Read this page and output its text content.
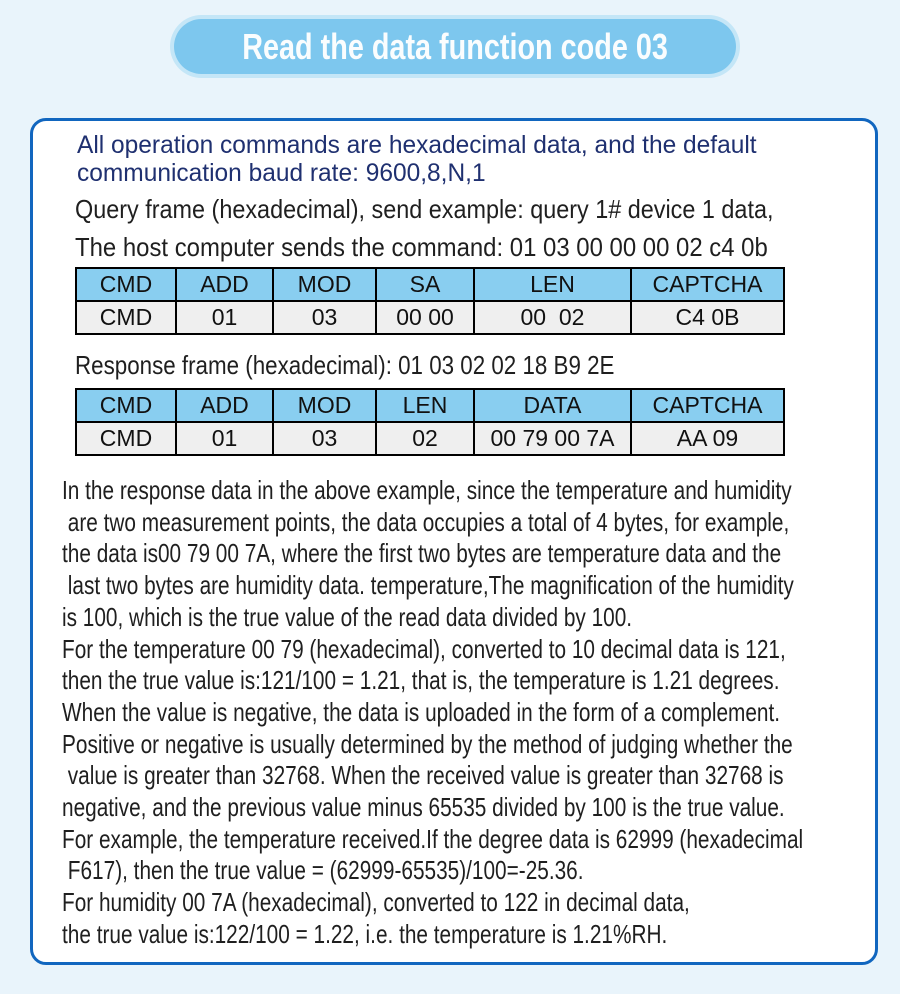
Read the data function code 03
All operation commands are hexadecimal data, and the default
communication baud rate: 9600,8,N,1
Query frame (hexadecimal), send example: query 1# device 1 data,
The host computer sends the command: 01 03 00 00 00 02 c4 0b
CMD	ADD	MOD	SA	LEN	CAPTCHA
CMD	01	03	00 00	00  02	C4 0B
Response frame (hexadecimal): 01 03 02 02 18 B9 2E
CMD	ADD	MOD	LEN	DATA	CAPTCHA
CMD	01	03	02	00 79 00 7A	AA 09
In the response data in the above example, since the temperature and humidity
are two measurement points, the data occupies a total of 4 bytes, for example,
the data is00 79 00 7A, where the first two bytes are temperature data and the
last two bytes are humidity data. temperature,The magnification of the humidity
is 100, which is the true value of the read data divided by 100.
For the temperature 00 79 (hexadecimal), converted to 10 decimal data is 121,
then the true value is:121/100 = 1.21, that is, the temperature is 1.21 degrees.
When the value is negative, the data is uploaded in the form of a complement.
Positive or negative is usually determined by the method of judging whether the
value is greater than 32768. When the received value is greater than 32768 is
negative, and the previous value minus 65535 divided by 100 is the true value.
For example, the temperature received.If the degree data is 62999 (hexadecimal
F617), then the true value = (62999-65535)/100=-25.36.
For humidity 00 7A (hexadecimal), converted to 122 in decimal data,
the true value is:122/100 = 1.22, i.e. the temperature is 1.21%RH.
